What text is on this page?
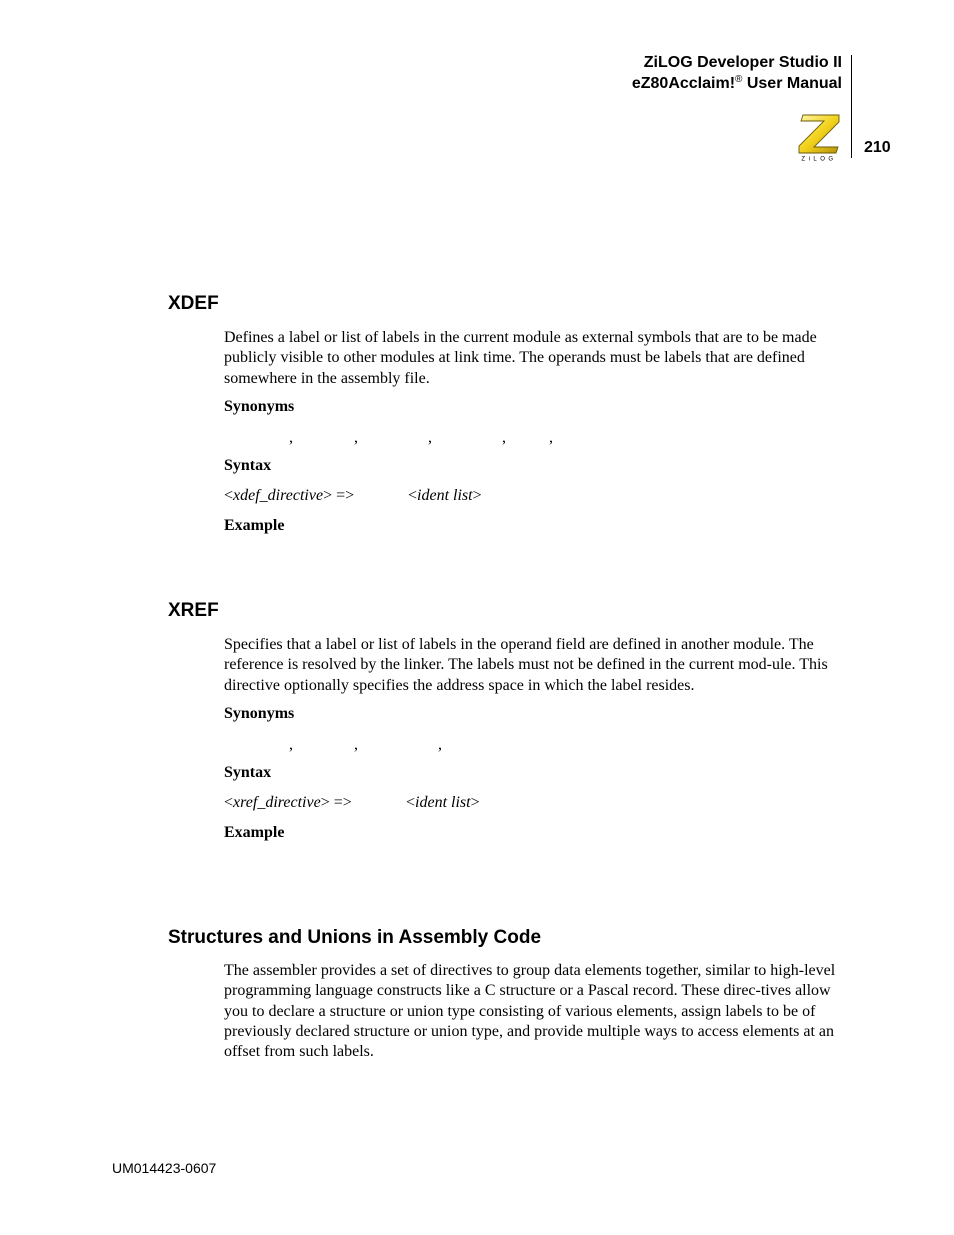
ZiLOG Developer Studio II
eZ80Acclaim!® User Manual
ZiLOG
210
XDEF
Defines a label or list of labels in the current module as external symbols that are to be made publicly visible to other modules at link time. The operands must be labels that are defined somewhere in the assembly file.
Synonyms
,	,	,	,	,
Syntax
<xdef_directive> =>	<ident list>
Example
XREF
Specifies that a label or list of labels in the operand field are defined in another module. The reference is resolved by the linker. The labels must not be defined in the current mod-ule. This directive optionally specifies the address space in which the label resides.
Synonyms
,	,	,
Syntax
<xref_directive> =>	<ident list>
Example
Structures and Unions in Assembly Code
The assembler provides a set of directives to group data elements together, similar to high-level programming language constructs like a C structure or a Pascal record. These direc-tives allow you to declare a structure or union type consisting of various elements, assign labels to be of previously declared structure or union type, and provide multiple ways to access elements at an offset from such labels.
UM014423-0607
